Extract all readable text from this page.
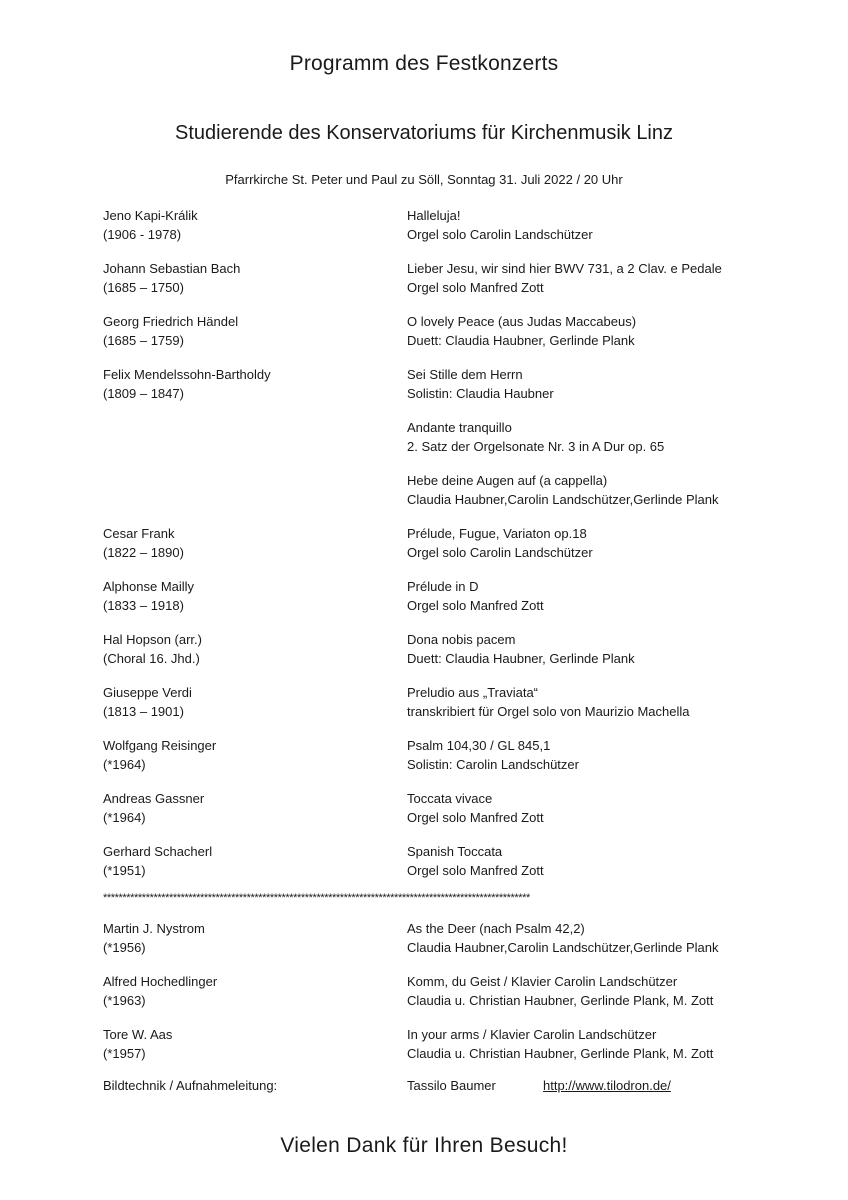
Programm des Festkonzerts
Studierende des Konservatoriums für Kirchenmusik Linz
Pfarrkirche St. Peter und Paul zu Söll, Sonntag 31. Juli 2022 / 20 Uhr
Jeno Kapi-Králik
(1906 - 1978)
Halleluja!
Orgel solo Carolin Landschützer
Johann Sebastian Bach
(1685 – 1750)
Lieber Jesu, wir sind hier BWV 731, a 2 Clav. e Pedale
Orgel solo Manfred Zott
Georg Friedrich Händel
(1685 – 1759)
O lovely Peace (aus Judas Maccabeus)
Duett: Claudia Haubner, Gerlinde Plank
Felix Mendelssohn-Bartholdy
(1809 – 1847)
Sei Stille dem Herrn
Solistin: Claudia Haubner
Andante tranquillo
2. Satz der Orgelsonate Nr. 3 in A Dur op. 65
Hebe deine Augen auf (a cappella)
Claudia Haubner,Carolin Landschützer,Gerlinde Plank
Cesar Frank
(1822 – 1890)
Prélude, Fugue, Variaton op.18
Orgel solo Carolin Landschützer
Alphonse Mailly
(1833 – 1918)
Prélude in D
Orgel solo Manfred Zott
Hal Hopson (arr.)
(Choral 16. Jhd.)
Dona nobis pacem
Duett: Claudia Haubner, Gerlinde Plank
Giuseppe Verdi
(1813 – 1901)
Preludio aus „Traviata“
transkribiert für Orgel solo von Maurizio Machella
Wolfgang Reisinger
(*1964)
Psalm 104,30 / GL 845,1
Solistin: Carolin Landschützer
Andreas Gassner
(*1964)
Toccata vivace
Orgel solo Manfred Zott
Gerhard Schacherl
(*1951)
Spanish Toccata
Orgel solo Manfred Zott
**************************************************************************************************************
Martin J. Nystrom
(*1956)
As the Deer (nach Psalm 42,2)
Claudia Haubner,Carolin Landschützer,Gerlinde Plank
Alfred Hochedlinger
(*1963)
Komm, du Geist / Klavier Carolin Landschützer
Claudia u. Christian Haubner, Gerlinde Plank, M. Zott
Tore W. Aas
(*1957)
In your arms / Klavier Carolin Landschützer
Claudia u. Christian Haubner, Gerlinde Plank, M. Zott
Bildtechnik / Aufnahmeleitung:	Tassilo Baumer	http://www.tilodron.de/
Vielen Dank für Ihren Besuch!
